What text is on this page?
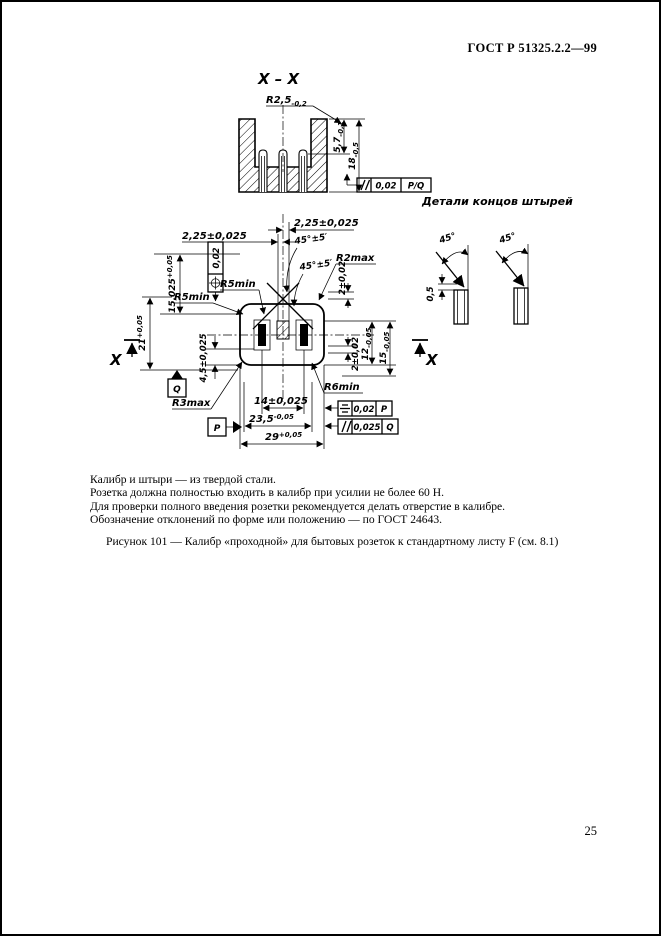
ГОСТ Р 51325.2.2—99
X – X
$R2,5_{-0,2}$
$5,7_{-0,1}$
$18_{-0,5}$
0,02 P/Q
Детали концов штырей
45°
0,5
45°
2,25±0,025
2,25±0,025
45°±5′
45°±5′ R2max
R5min
R5min
0,02
$15,025^{+0,05}$
$21^{+0,05}$
Q
X	X
4,5±0,025
R3max
P
14±0,025
$23,5^{-0,05}$
$29^{+0,05}$
R6min
2±0,02
2±0,02 $12_{-0,05}$
$15_{-0,05}$
0,02 P
0,025 Q
Калибр и штыри — из твердой стали.
Розетка должна полностью входить в калибр при усилии не более 60 Н.
Для проверки полного введения розетки рекомендуется делать отверстие в калибре.
Обозначение отклонений по форме или положению — по ГОСТ 24643.
Рисунок 101 — Калибр «проходной» для бытовых розеток к стандартному листу F (см. 8.1)
25
